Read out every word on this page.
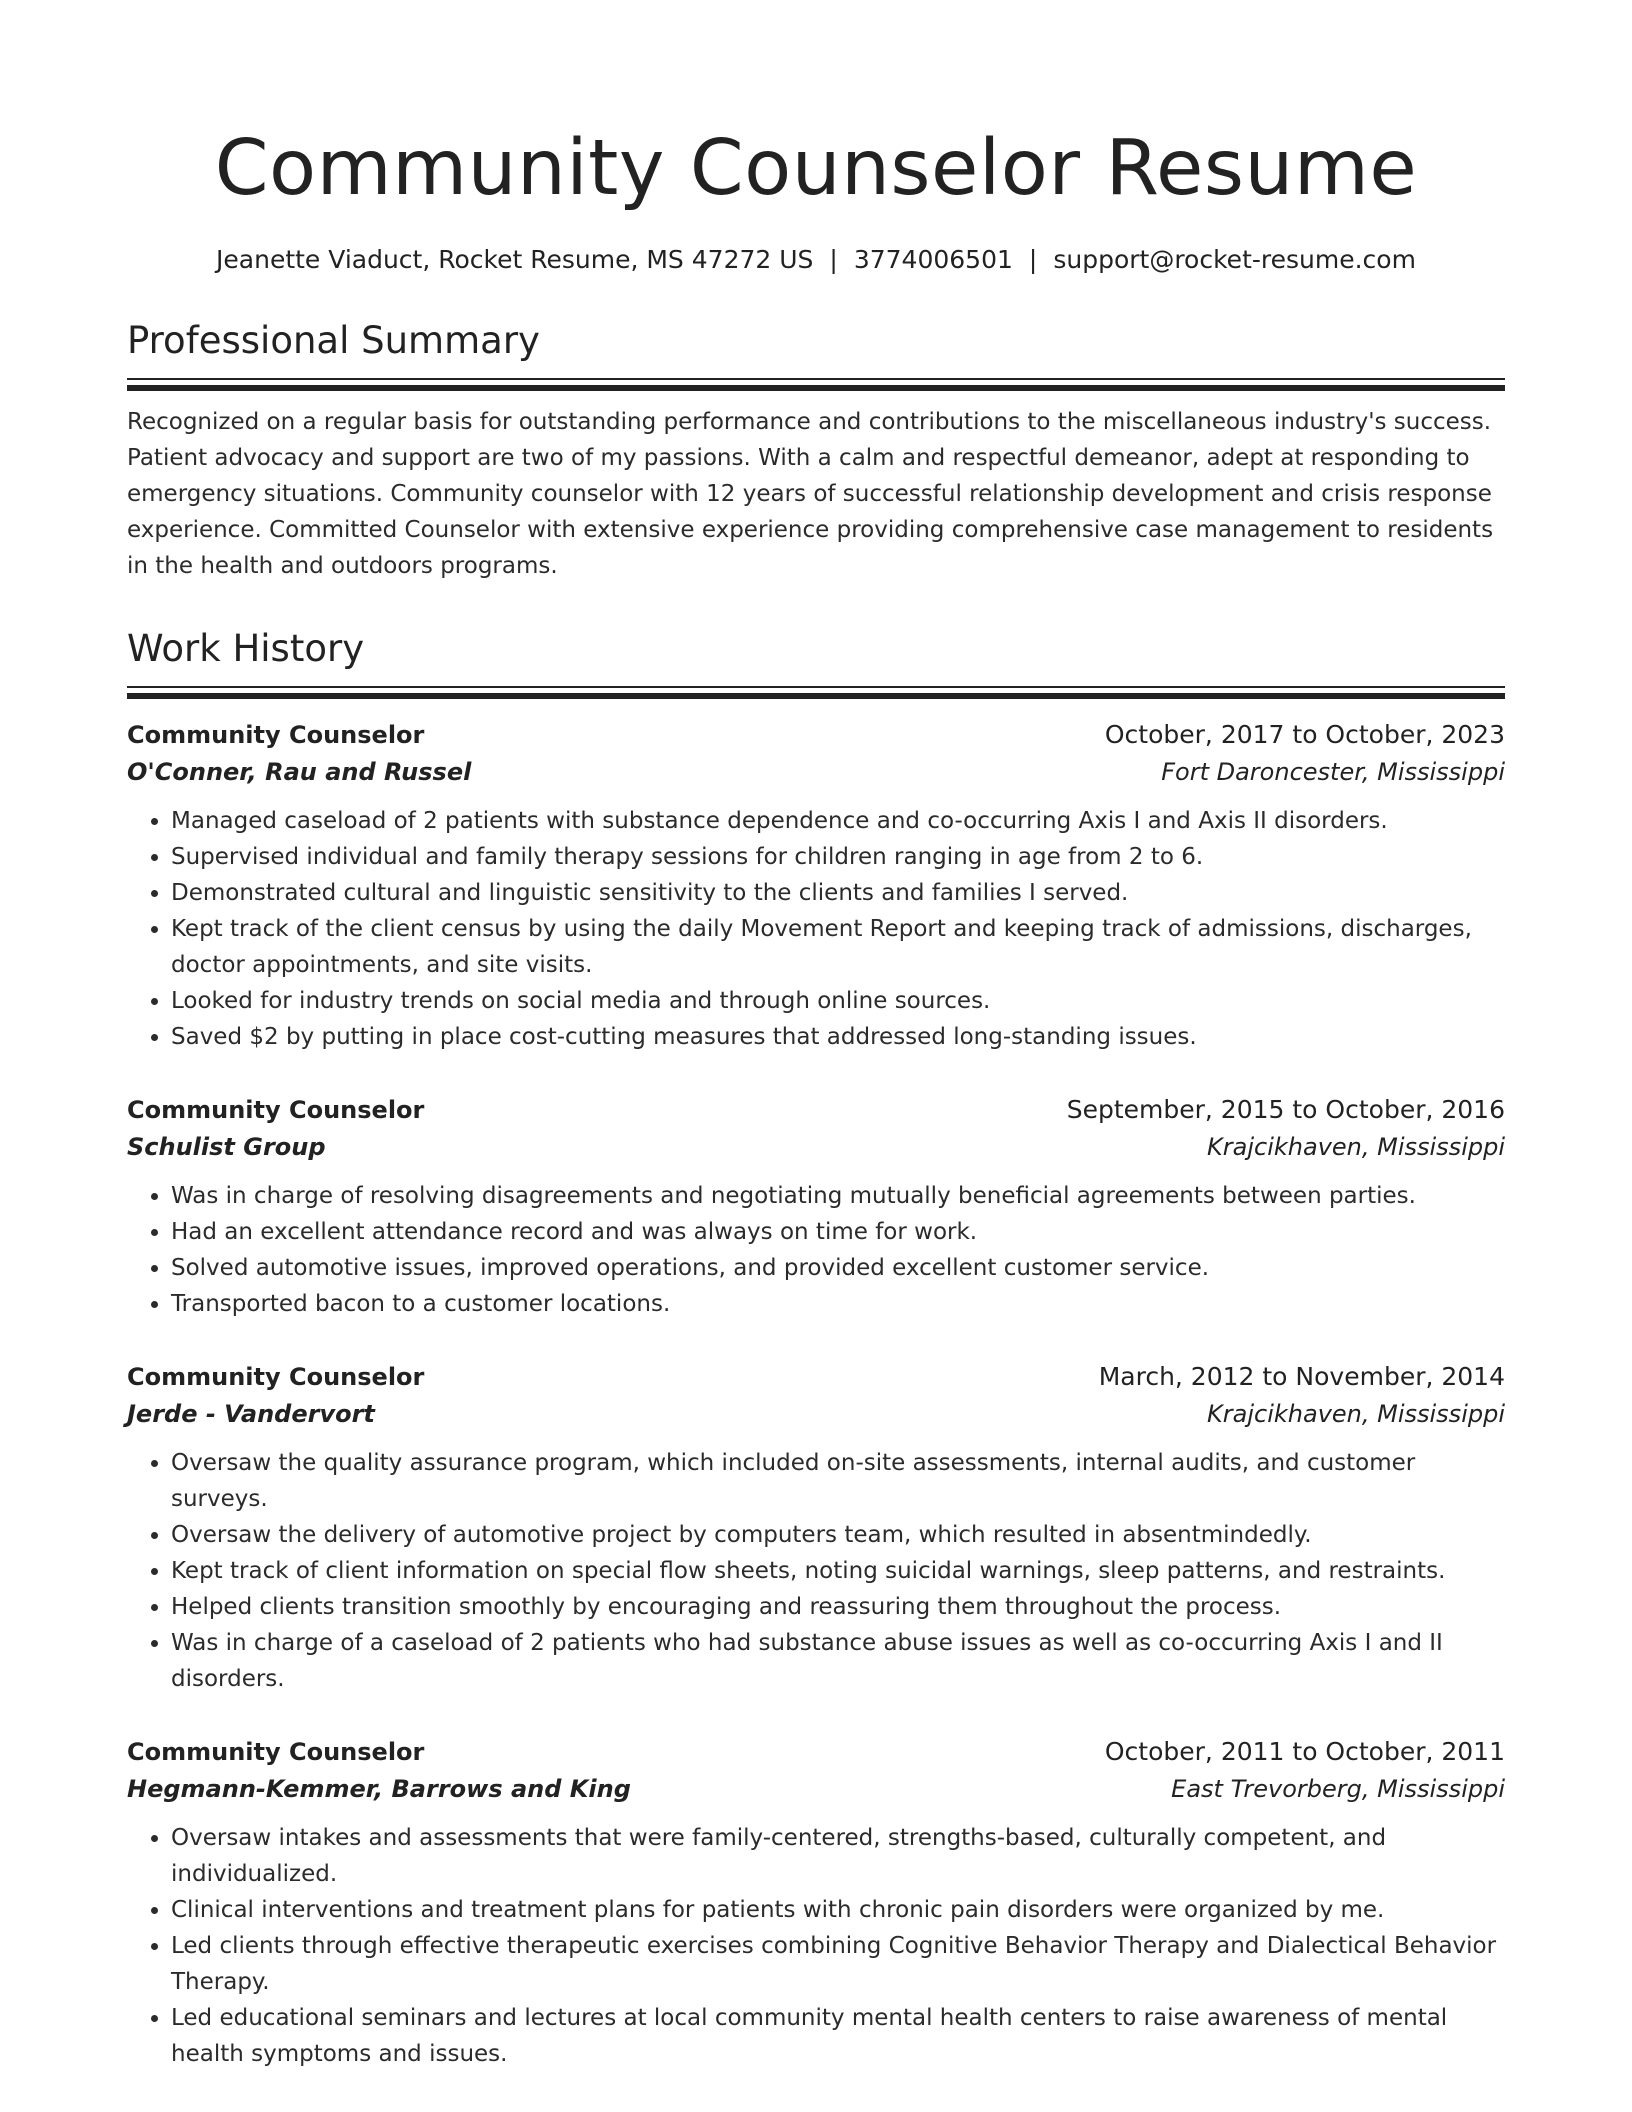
Community Counselor Resume
Jeanette Viaduct, Rocket Resume, MS 47272 US | 3774006501 | support@rocket-resume.com
Professional Summary

Recognized on a regular basis for outstanding performance and contributions to the miscellaneous industry's success. Patient advocacy and support are two of my passions. With a calm and respectful demeanor, adept at responding to emergency situations. Community counselor with 12 years of successful relationship development and crisis response experience. Committed Counselor with extensive experience providing comprehensive case management to residents in the health and outdoors programs.

Work History
Community Counselor	October, 2017 to October, 2023
O'Conner, Rau and Russel	Fort Daroncester, Mississippi
• Managed caseload of 2 patients with substance dependence and co-occurring Axis I and Axis II disorders.
• Supervised individual and family therapy sessions for children ranging in age from 2 to 6.
• Demonstrated cultural and linguistic sensitivity to the clients and families I served.
• Kept track of the client census by using the daily Movement Report and keeping track of admissions, discharges, doctor appointments, and site visits.
• Looked for industry trends on social media and through online sources.
• Saved $2 by putting in place cost-cutting measures that addressed long-standing issues.
Community Counselor	September, 2015 to October, 2016
Schulist Group	Krajcikhaven, Mississippi
• Was in charge of resolving disagreements and negotiating mutually beneficial agreements between parties.
• Had an excellent attendance record and was always on time for work.
• Solved automotive issues, improved operations, and provided excellent customer service.
• Transported bacon to a customer locations.
Community Counselor	March, 2012 to November, 2014
Jerde - Vandervort	Krajcikhaven, Mississippi
• Oversaw the quality assurance program, which included on-site assessments, internal audits, and customer surveys.
• Oversaw the delivery of automotive project by computers team, which resulted in absentmindedly.
• Kept track of client information on special flow sheets, noting suicidal warnings, sleep patterns, and restraints.
• Helped clients transition smoothly by encouraging and reassuring them throughout the process.
• Was in charge of a caseload of 2 patients who had substance abuse issues as well as co-occurring Axis I and II disorders.
Community Counselor	October, 2011 to October, 2011
Hegmann-Kemmer, Barrows and King	East Trevorberg, Mississippi
• Oversaw intakes and assessments that were family-centered, strengths-based, culturally competent, and individualized.
• Clinical interventions and treatment plans for patients with chronic pain disorders were organized by me.
• Led clients through effective therapeutic exercises combining Cognitive Behavior Therapy and Dialectical Behavior Therapy.
• Led educational seminars and lectures at local community mental health centers to raise awareness of mental health symptoms and issues.
